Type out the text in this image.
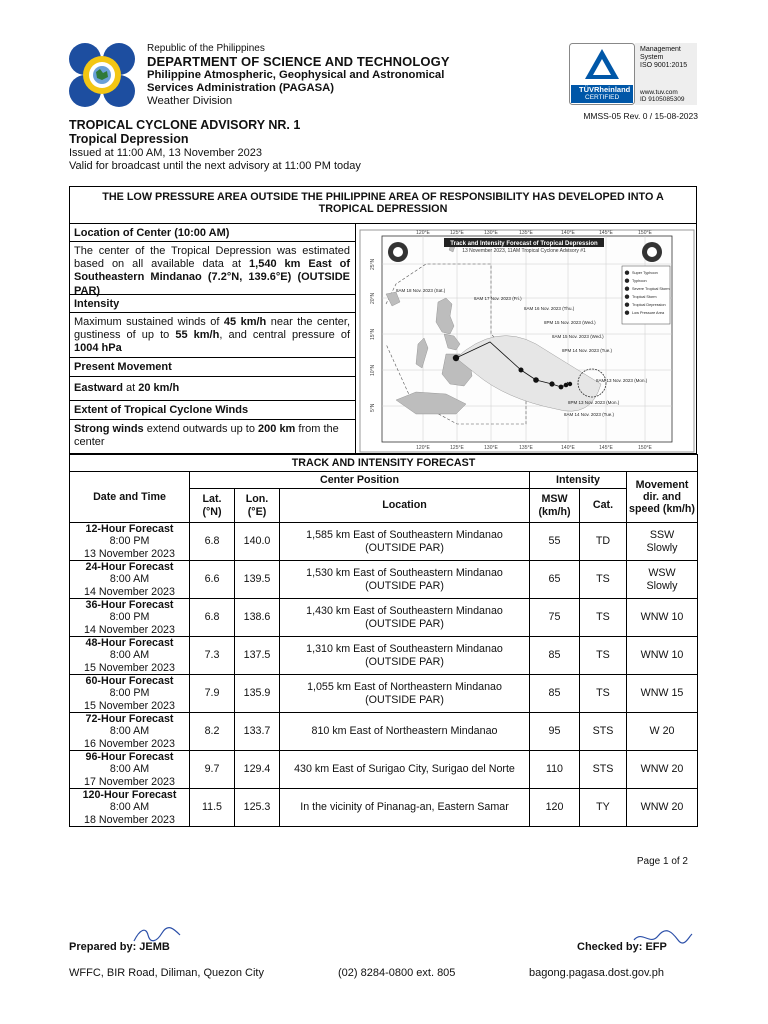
Republic of the Philippines
DEPARTMENT OF SCIENCE AND TECHNOLOGY
Philippine Atmospheric, Geophysical and Astronomical
Services Administration (PAGASA)
Weather Division
TÜVRheinland
CERTIFIED
Management
System
ISO 9001:2015
www.tuv.com
ID 9105085309
MMSS-05 Rev. 0 / 15-08-2023
TROPICAL CYCLONE ADVISORY NR. 1
Tropical Depression
Issued at 11:00 AM, 13 November 2023
Valid for broadcast until the next advisory at 11:00 PM today
THE LOW PRESSURE AREA OUTSIDE THE PHILIPPINE AREA OF RESPONSIBILITY HAS DEVELOPED INTO A TROPICAL DEPRESSION
Location of Center (10:00 AM)
The center of the Tropical Depression was estimated based on all available data at 1,540 km East of Southeastern Mindanao (7.2°N, 139.6°E) (OUTSIDE PAR)
Intensity
Maximum sustained winds of 45 km/h near the center, gustiness of up to 55 km/h, and central pressure of 1004 hPa
Present Movement
Eastward at 20 km/h
Extent of Tropical Cyclone Winds
Strong winds extend outwards up to 200 km from the center
120°E	125°E	130°E	135°E	140°E	145°E	150°E
120°E	125°E	130°E	135°E	140°E	145°E	150°E
25°N
20°N
15°N
10°N
5°N
Track and Intensity Forecast of Tropical Depression
13 November 2023, 11AM Tropical Cyclone Advisory #1
Super Typhoon
Typhoon
Severe Tropical Storm
Tropical Storm
Tropical Depression
Low Pressure Area
8AM 18 Nov. 2023 (Sat.)
8AM 17 Nov. 2023 (Fri.)
8AM 16 Nov. 2023 (Thu.)
8PM 15 Nov. 2023 (Wed.)
8AM 15 Nov. 2023 (Wed.)
8PM 14 Nov. 2023 (Tue.)
8AM 13 Nov. 2023 (Mon.)
8PM 13 Nov. 2023 (Mon.)
8AM 14 Nov. 2023 (Tue.)
TRACK AND INTENSITY FORECAST						
Date and Time	Center Position			Intensity		Movement dir. and speed (km/h)
	Lat. (°N)	Lon. (°E)	Location	MSW (km/h)	Cat.	

12-Hour Forecast
8:00 PM
13 November 2023	6.8	140.0	1,585 km East of Southeastern Mindanao (OUTSIDE PAR)	55	TD	SSW Slowly

24-Hour Forecast
8:00 AM
14 November 2023	6.6	139.5	1,530 km East of Southeastern Mindanao (OUTSIDE PAR)	65	TS	WSW Slowly

36-Hour Forecast
8:00 PM
14 November 2023	6.8	138.6	1,430 km East of Southeastern Mindanao (OUTSIDE PAR)	75	TS	WNW 10

48-Hour Forecast
8:00 AM
15 November 2023	7.3	137.5	1,310 km East of Southeastern Mindanao (OUTSIDE PAR)	85	TS	WNW 10

60-Hour Forecast
8:00 PM
15 November 2023	7.9	135.9	1,055 km East of Northeastern Mindanao (OUTSIDE PAR)	85	TS	WNW 15

72-Hour Forecast
8:00 AM
16 November 2023	8.2	133.7	810 km East of Northeastern Mindanao	95	STS	W 20

96-Hour Forecast
8:00 AM
17 November 2023	9.7	129.4	430 km East of Surigao City, Surigao del Norte	110	STS	WNW 20

120-Hour Forecast
8:00 AM
18 November 2023	11.5	125.3	In the vicinity of Pinanag-an, Eastern Samar	120	TY	WNW 20
Page 1 of 2
Prepared by: JEMB	Checked by: EFP
WFFC, BIR Road, Diliman, Quezon City	(02) 8284-0800 ext. 805	bagong.pagasa.dost.gov.ph
